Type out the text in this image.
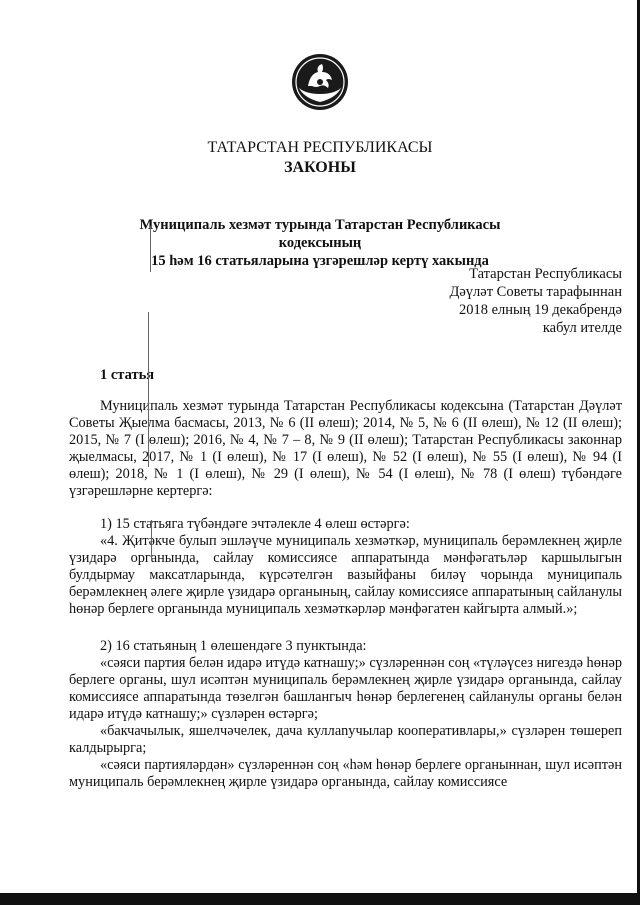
ТАТАРСТАН РЕСПУБЛИКАСЫ
ЗАКОНЫ
Муниципаль хезмәт турында Татарстан Республикасы кодексының
15 һәм 16 статьяларына үзгәрешләр кертү хакында
Татарстан Республикасы
Дәүләт Советы тарафыннан
2018 елның 19 декабрендә
кабул ителде
1 статья

Муниципаль хезмәт турында Татарстан Республикасы кодексына (Татарстан Дәүләт Советы Җыелма басмасы, 2013, № 6 (II өлеш); 2014, № 5, № 6 (II өлеш), № 12 (II өлеш); 2015, № 7 (I өлеш); 2016, № 4, № 7 – 8, № 9 (II өлеш); Татарстан Республикасы законнар җыелмасы, 2017, № 1 (I өлеш), № 17 (I өлеш), № 52 (I өлеш), № 55 (I өлеш), № 94 (I өлеш); 2018, № 1 (I өлеш), № 29 (I өлеш), № 54 (I өлеш), № 78 (I өлеш) түбәндәге үзгәрешләрне кертергә:

1) 15 статьяга түбәндәге эчтәлекле 4 өлеш өстәргә:

«4. Җитәкче булып эшләүче муниципаль хезмәткәр, муниципаль берәмлекнең җирле үзидарә органында, сайлау комиссиясе аппаратында мәнфәгатьләр каршылыгын булдырмау максатларында, күрсәтелгән вазыйфаны биләү чорында муниципаль берәмлекнең әлеге җирле үзидарә органының, сайлау комиссиясе аппаратының сайланулы һөнәр берлеге органында муниципаль хезмәткәрләр мәнфәгатен кайгыртa алмый.»;

2) 16 статьяның 1 өлешендәге 3 пунктында:

«сәяси партия белән идарә итүдә катнашу;» сүзләреннән соң «түләүсез нигездә һөнәр берлеге органы, шул исәптән муниципаль берәмлекнең җирле үзидарә органында, сайлау комиссиясе аппаратында төзелгән башлангыч һөнәр берлегенең сайланулы органы белән идарә итүдә катнашу;» сүзләрен өстәргә;

«бакчачылык, яшелчәчелек, дача куллanучылар кооперативлары,» сүзләрен төшереп калдырырга;

«сәяси партияләрдән» сүзләреннән соң «һәм һөнәр берлеге органыннан, шул исәптән муниципаль берәмлекнең җирле үзидарә органында, сайлау комиссиясе
